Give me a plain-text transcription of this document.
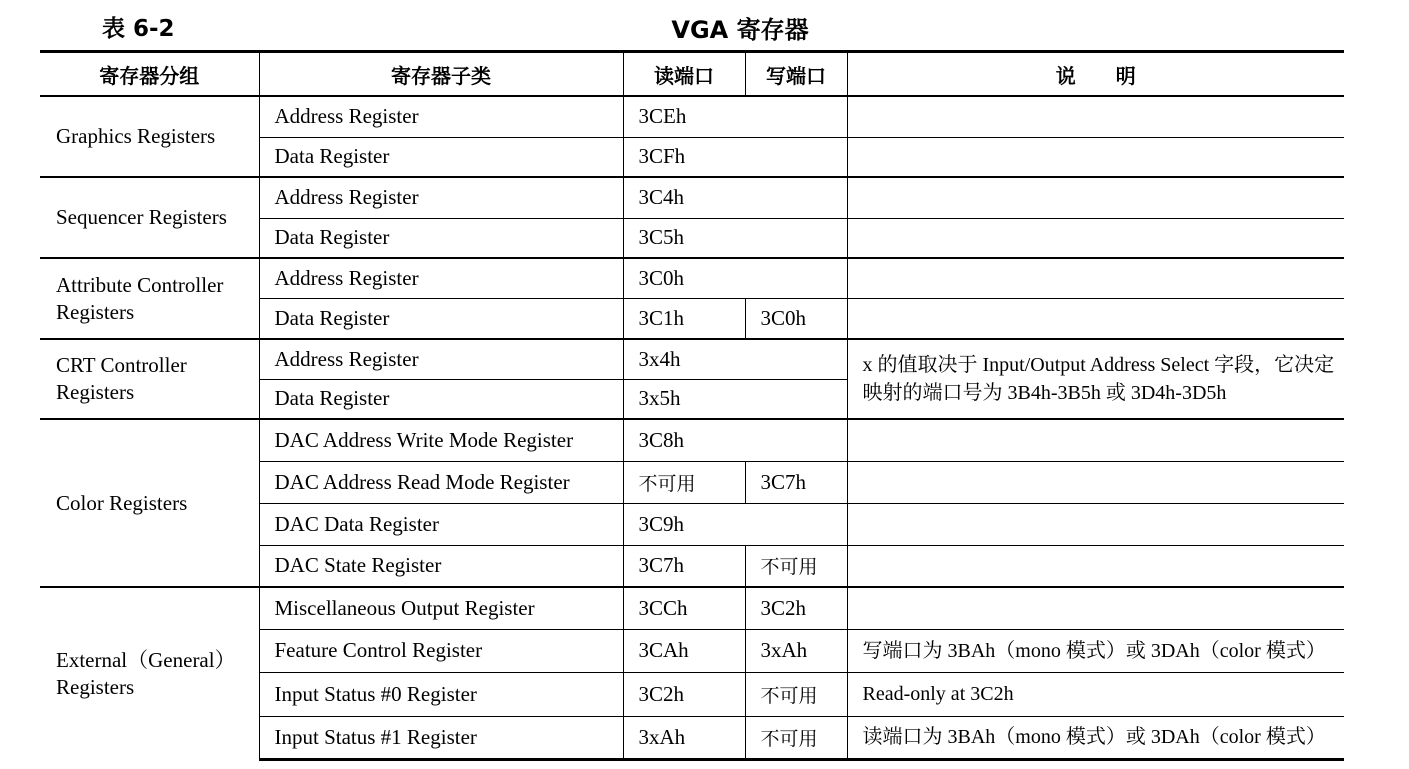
表 6-2	VGA 寄存器
寄存器分组	寄存器子类	读端口	写端口	说　　明
Graphics Registers	Address Register	3CEh		
	Data Register	3CFh		
Sequencer Registers	Address Register	3C4h		
	Data Register	3C5h		
Attribute Controller Registers	Address Register	3C0h		
	Data Register	3C1h	3C0h	
CRT Controller Registers	Address Register	3x4h		x 的值取决于 Input/Output Address Select 字段，它决定映射的端口号为 3B4h-3B5h 或 3D4h-3D5h
	Data Register	3x5h		
Color Registers	DAC Address Write Mode Register	3C8h		
	DAC Address Read Mode Register	不可用	3C7h	
	DAC Data Register	3C9h		
	DAC State Register	3C7h	不可用	
External（General） Registers	Miscellaneous Output Register	3CCh	3C2h	
	Feature Control Register	3CAh	3xAh	写端口为 3BAh（mono 模式）或 3DAh（color 模式）
	Input Status #0 Register	3C2h	不可用	Read-only at 3C2h
	Input Status #1 Register	3xAh	不可用	读端口为 3BAh（mono 模式）或 3DAh（color 模式）
